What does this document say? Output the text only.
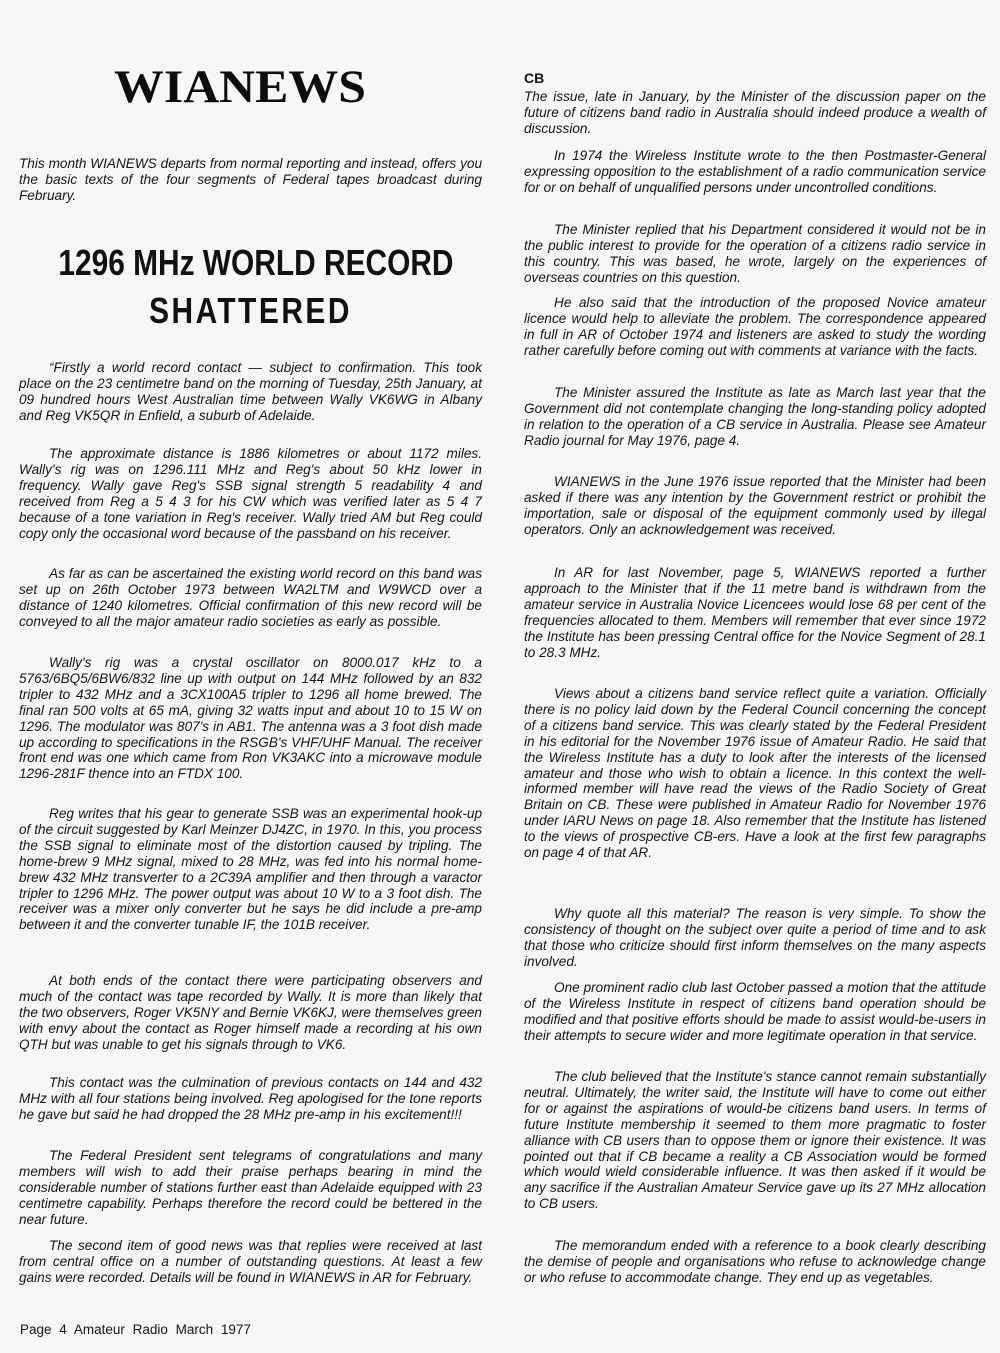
WIANEWS
This month WIANEWS departs from normal reporting and instead, offers you the basic texts of the four segments of Federal tapes broadcast during February.
1296 MHz WORLD RECORD
SHATTERED
“Firstly a world record contact — subject to confirmation. This took place on the 23 centimetre band on the morning of Tuesday, 25th January, at 09 hundred hours West Australian time between Wally VK6WG in Albany and Reg VK5QR in Enfield, a suburb of Adelaide.
The approximate distance is 1886 kilometres or about 1172 miles. Wally's rig was on 1296.111 MHz and Reg's about 50 kHz lower in frequency. Wally gave Reg's SSB signal strength 5 readability 4 and received from Reg a 5 4 3 for his CW which was verified later as 5 4 7 because of a tone variation in Reg's receiver. Wally tried AM but Reg could copy only the occasional word because of the passband on his receiver.
As far as can be ascertained the existing world record on this band was set up on 26th October 1973 between WA2LTM and W9WCD over a distance of 1240 kilometres. Official confirmation of this new record will be conveyed to all the major amateur radio societies as early as possible.
Wally's rig was a crystal oscillator on 8000.017 kHz to a 5763/6BQ5/6BW6/832 line up with output on 144 MHz followed by an 832 tripler to 432 MHz and a 3CX100A5 tripler to 1296 all home brewed. The final ran 500 volts at 65 mA, giving 32 watts input and about 10 to 15 W on 1296. The modulator was 807's in AB1. The antenna was a 3 foot dish made up according to specifications in the RSGB's VHF/UHF Manual. The receiver front end was one which came from Ron VK3AKC into a microwave module 1296-281F thence into an FTDX 100.
Reg writes that his gear to generate SSB was an experimental hook-up of the circuit suggested by Karl Meinzer DJ4ZC, in 1970. In this, you process the SSB signal to eliminate most of the distortion caused by tripling. The home-brew 9 MHz signal, mixed to 28 MHz, was fed into his normal home-brew 432 MHz transverter to a 2C39A amplifier and then through a varactor tripler to 1296 MHz. The power output was about 10 W to a 3 foot dish. The receiver was a mixer only converter but he says he did include a pre-amp between it and the converter tunable IF, the 101B receiver.
At both ends of the contact there were participating observers and much of the contact was tape recorded by Wally. It is more than likely that the two observers, Roger VK5NY and Bernie VK6KJ, were themselves green with envy about the contact as Roger himself made a recording at his own QTH but was unable to get his signals through to VK6.
This contact was the culmination of previous contacts on 144 and 432 MHz with all four stations being involved. Reg apologised for the tone reports he gave but said he had dropped the 28 MHz pre-amp in his excitement!!!
The Federal President sent telegrams of congratulations and many members will wish to add their praise perhaps bearing in mind the considerable number of stations further east than Adelaide equipped with 23 centimetre capability. Perhaps therefore the record could be bettered in the near future.
The second item of good news was that replies were received at last from central office on a number of outstanding questions. At least a few gains were recorded. Details will be found in WIANEWS in AR for February.
CB
The issue, late in January, by the Minister of the discussion paper on the future of citizens band radio in Australia should indeed produce a wealth of discussion.
In 1974 the Wireless Institute wrote to the then Postmaster-General expressing opposition to the establishment of a radio communication service for or on behalf of unqualified persons under uncontrolled conditions.
The Minister replied that his Department considered it would not be in the public interest to provide for the operation of a citizens radio service in this country. This was based, he wrote, largely on the experiences of overseas countries on this question.
He also said that the introduction of the proposed Novice amateur licence would help to alleviate the problem. The correspondence appeared in full in AR of October 1974 and listeners are asked to study the wording rather carefully before coming out with comments at variance with the facts.
The Minister assured the Institute as late as March last year that the Government did not contemplate changing the long-standing policy adopted in relation to the operation of a CB service in Australia. Please see Amateur Radio journal for May 1976, page 4.
WIANEWS in the June 1976 issue reported that the Minister had been asked if there was any intention by the Government restrict or prohibit the importation, sale or disposal of the equipment commonly used by illegal operators. Only an acknowledgement was received.
In AR for last November, page 5, WIANEWS reported a further approach to the Minister that if the 11 metre band is withdrawn from the amateur service in Australia Novice Licencees would lose 68 per cent of the frequencies allocated to them. Members will remember that ever since 1972 the Institute has been pressing Central office for the Novice Segment of 28.1 to 28.3 MHz.
Views about a citizens band service reflect quite a variation. Officially there is no policy laid down by the Federal Council concerning the concept of a citizens band service. This was clearly stated by the Federal President in his editorial for the November 1976 issue of Amateur Radio. He said that the Wireless Institute has a duty to look after the interests of the licensed amateur and those who wish to obtain a licence. In this context the well-informed member will have read the views of the Radio Society of Great Britain on CB. These were published in Amateur Radio for November 1976 under IARU News on page 18. Also remember that the Institute has listened to the views of prospective CB-ers. Have a look at the first few paragraphs on page 4 of that AR.
Why quote all this material? The reason is very simple. To show the consistency of thought on the subject over quite a period of time and to ask that those who criticize should first inform themselves on the many aspects involved.
One prominent radio club last October passed a motion that the attitude of the Wireless Institute in respect of citizens band operation should be modified and that positive efforts should be made to assist would-be-users in their attempts to secure wider and more legitimate operation in that service.
The club believed that the Institute's stance cannot remain substantially neutral. Ultimately, the writer said, the Institute will have to come out either for or against the aspirations of would-be citizens band users. In terms of future Institute membership it seemed to them more pragmatic to foster alliance with CB users than to oppose them or ignore their existence. It was pointed out that if CB became a reality a CB Association would be formed which would wield considerable influence. It was then asked if it would be any sacrifice if the Australian Amateur Service gave up its 27 MHz allocation to CB users.
The memorandum ended with a reference to a book clearly describing the demise of people and organisations who refuse to acknowledge change or who refuse to accommodate change. They end up as vegetables.
Page 4 Amateur Radio March 1977
